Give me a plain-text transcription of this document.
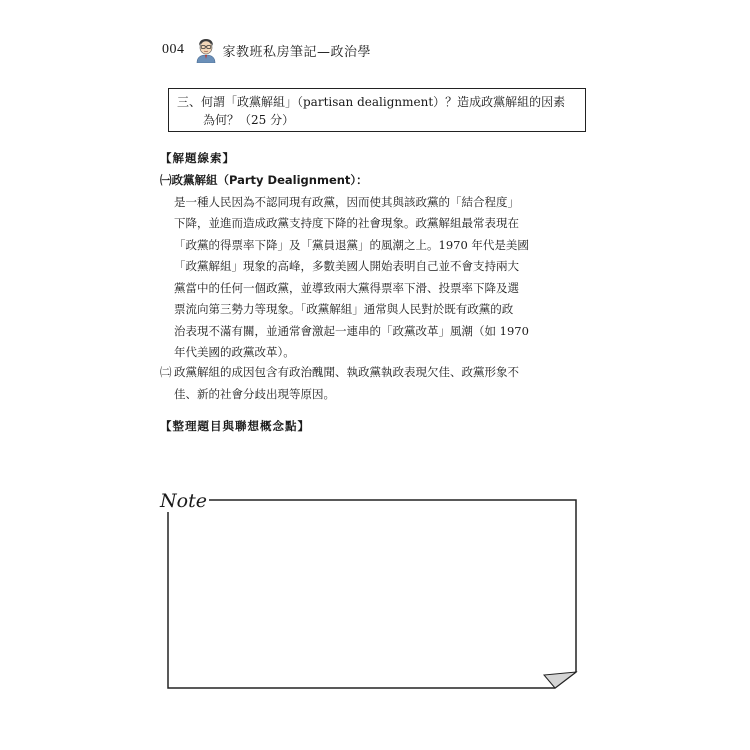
004	家教班私房筆記—政治學
三、何謂「政黨解組」（partisan dealignment）？造成政黨解組的因素
為何？（25 分）
【解題線索】
㈠政黨解組（Party Dealignment）：
是一種人民因為不認同現有政黨，因而使其與該政黨的「結合程度」
下降，並進而造成政黨支持度下降的社會現象。政黨解組最常表現在
「政黨的得票率下降」及「黨員退黨」的風潮之上。1970 年代是美國
「政黨解組」現象的高峰，多數美國人開始表明自己並不會支持兩大
黨當中的任何一個政黨，並導致兩大黨得票率下滑、投票率下降及選
票流向第三勢力等現象。「政黨解組」通常與人民對於既有政黨的政
治表現不滿有關，並通常會激起一連串的「政黨改革」風潮（如 1970
年代美國的政黨改革）。
㈡ 政黨解組的成因包含有政治醜聞、執政黨執政表現欠佳、政黨形象不
佳、新的社會分歧出現等原因。
【整理題目與聯想概念點】
Note
